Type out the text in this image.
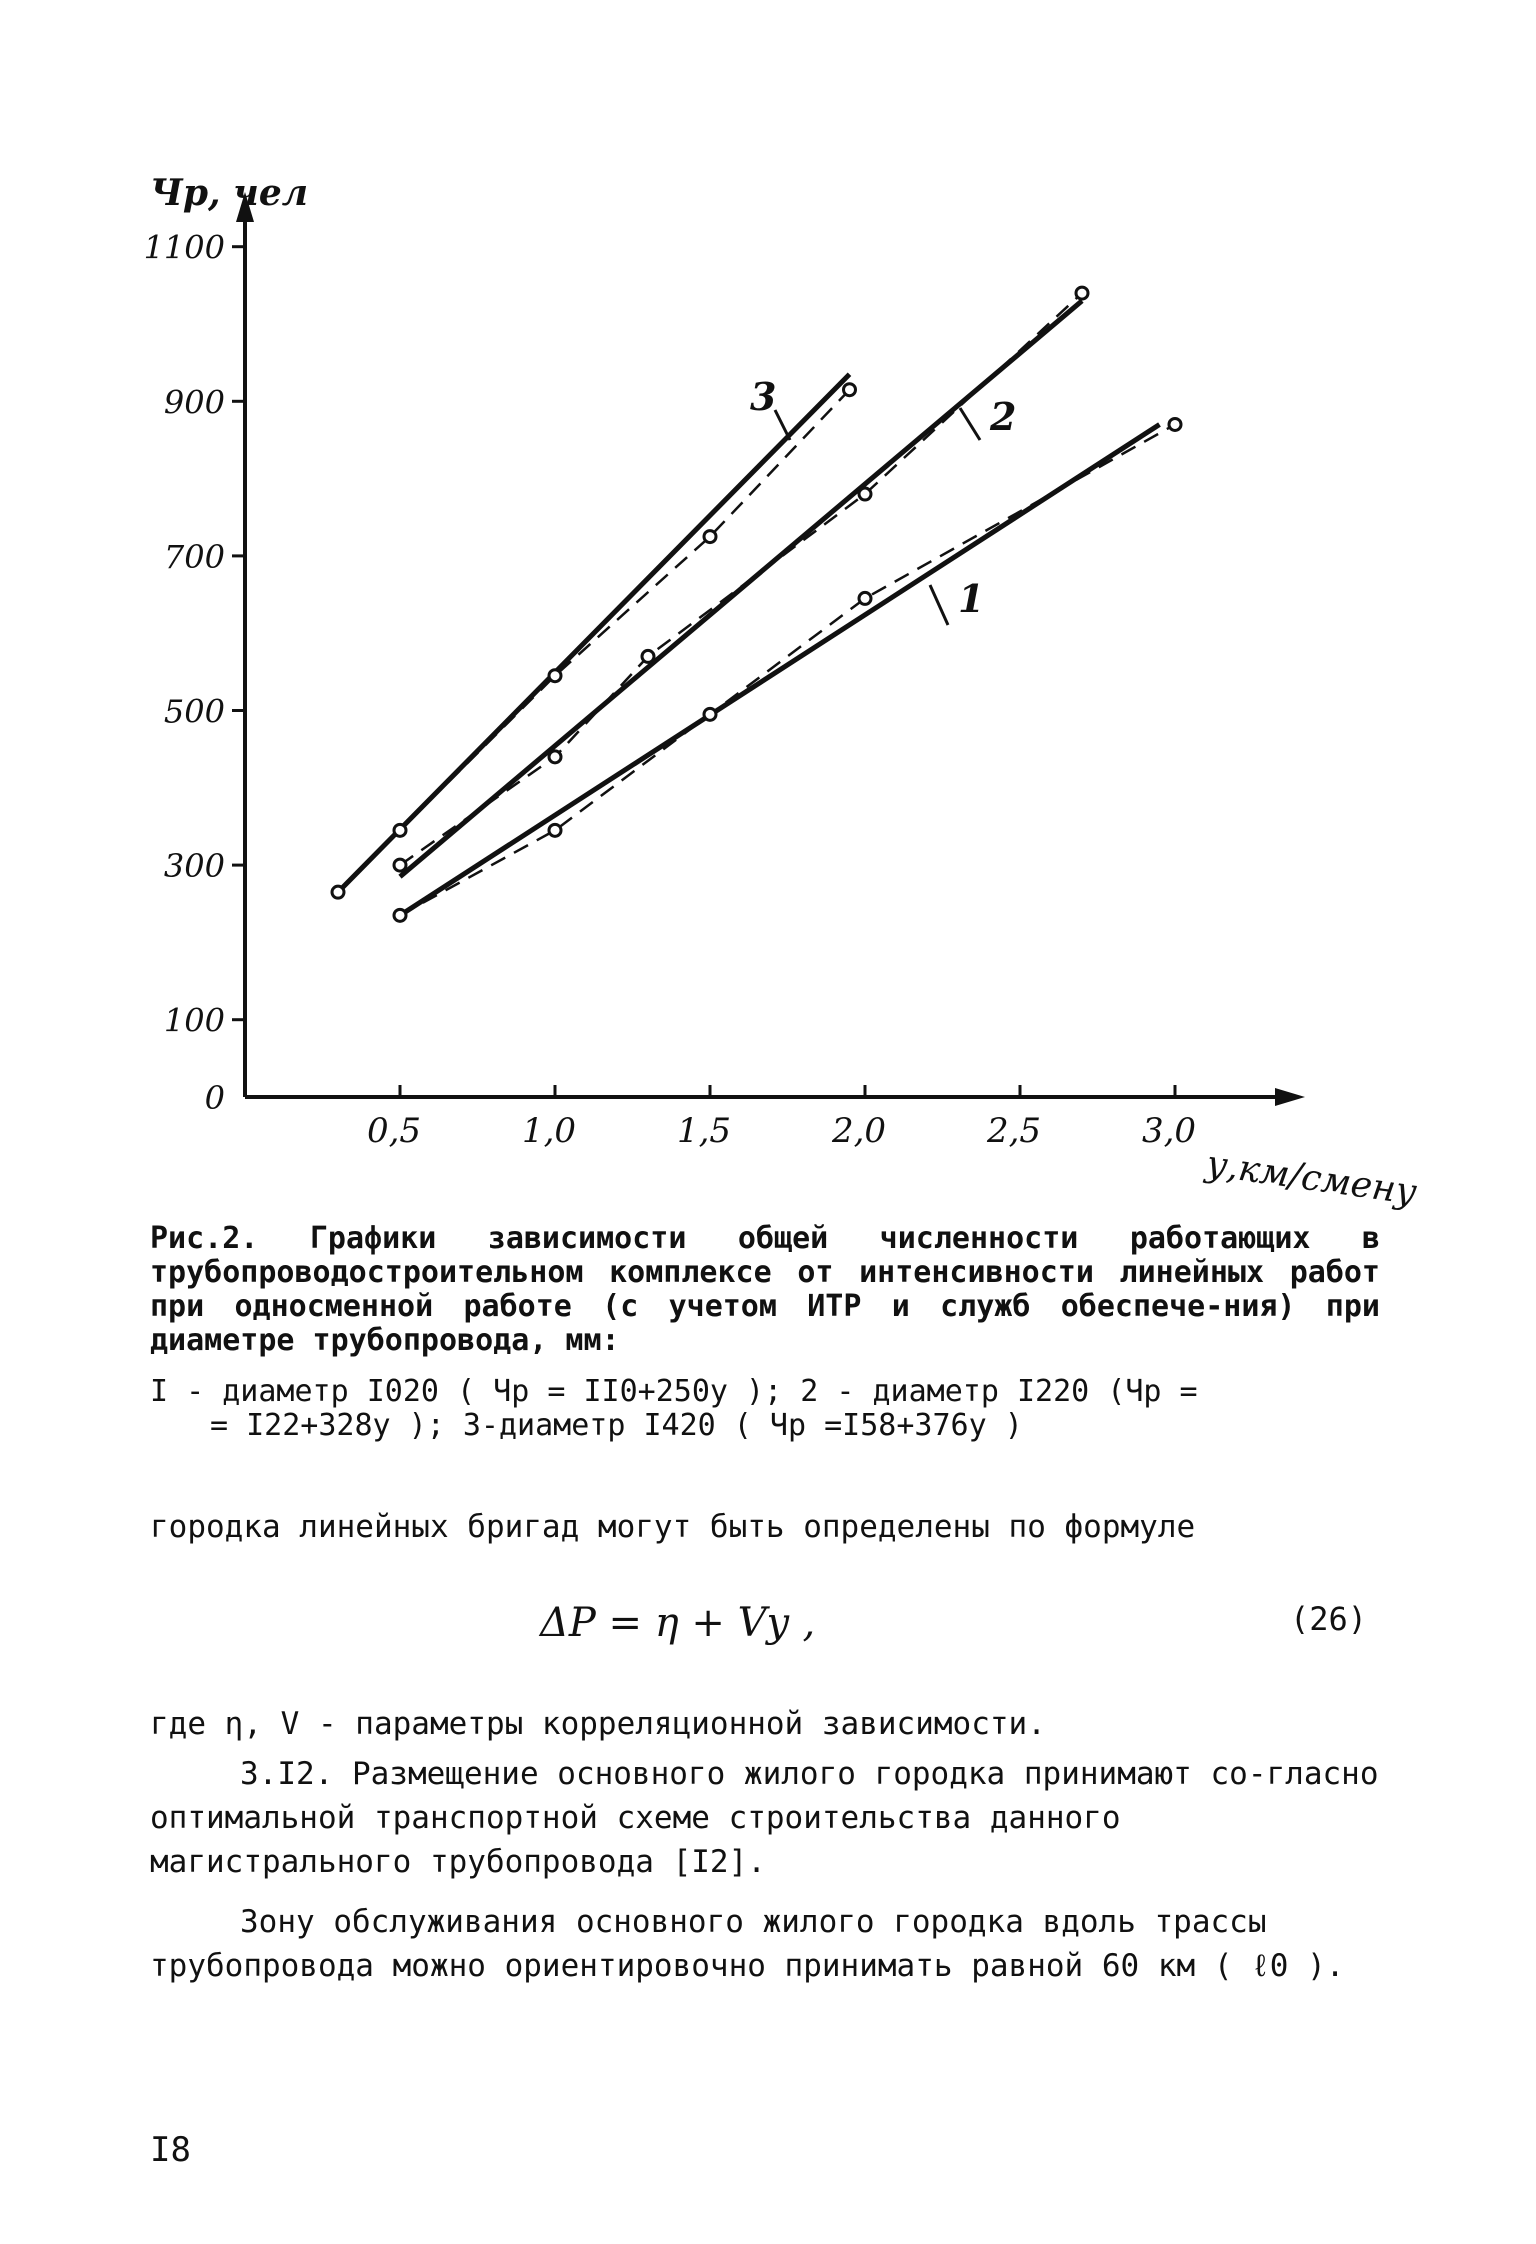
1100
900
700
500
300
100
0
0,5	1,0	1,5	2,0	2,5	3,0
1
2
3
Чр, чел
у,км/смену
Рис.2. Графики зависимости общей численности работающих в трубопроводостроительном комплексе от интенсивности линейных работ при односменной работе (с учетом ИТР и служб обеспече-ния) при диаметре трубопровода, мм:
I - диаметр I020 ( Чр = II0+250у ); 2 - диаметр I220 (Чр =
= I22+328у ); 3-диаметр I420 ( Чр =I58+376у )
городка линейных бригад могут быть определены по формуле
ΔP = η + Vу ,	(26)
где η, V - параметры корреляционной зависимости.
3.I2. Размещение основного жилого городка принимают со-гласно оптимальной транспортной схеме строительства данного магистрального трубопровода [I2].
Зону обслуживания основного жилого городка вдоль трассы трубопровода можно ориентировочно принимать равной 60 км ( ℓ0 ).
I8
